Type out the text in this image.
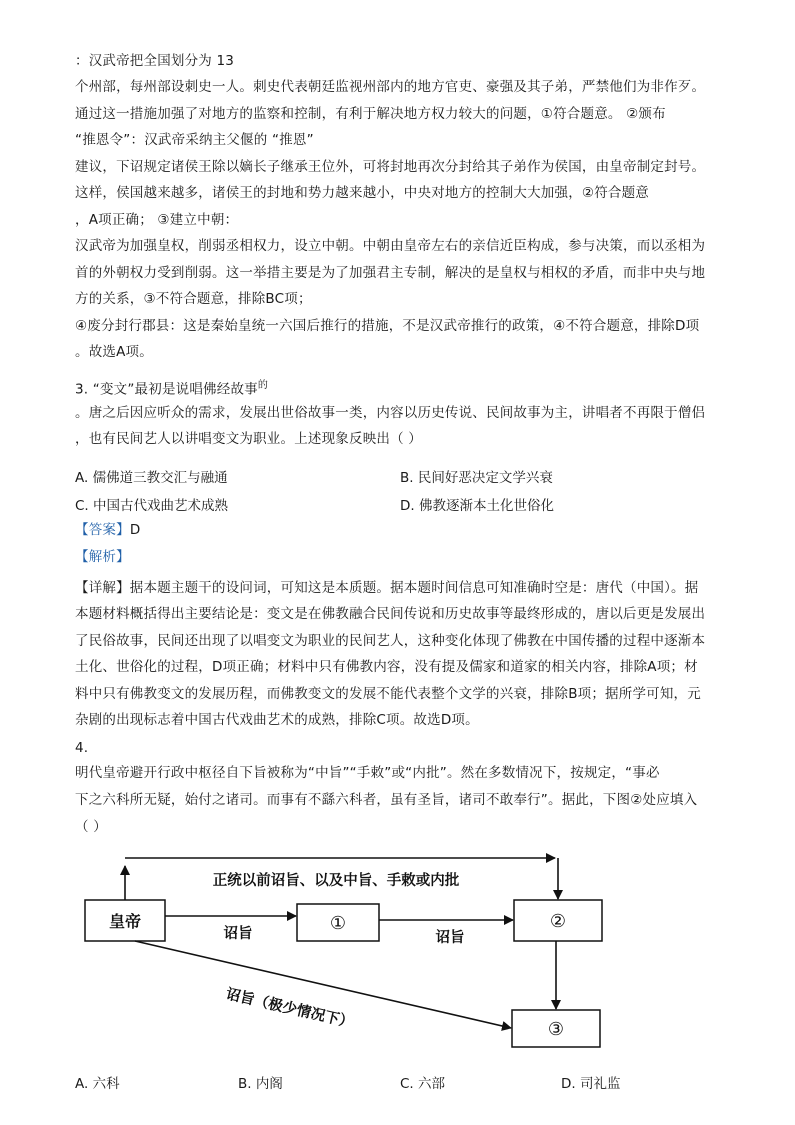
：汉武帝把全国划分为 13
个州部，每州部设刺史一人。刺史代表朝廷监视州部内的地方官吏、豪强及其子弟，严禁他们为非作歹。
通过这一措施加强了对地方的监察和控制，有利于解决地方权力较大的问题，①符合题意。 ②颁布
“推恩令”：汉武帝采纳主父偃的 “推恩”
建议，下诏规定诸侯王除以嫡长子继承王位外，可将封地再次分封给其子弟作为侯国，由皇帝制定封号。
这样，侯国越来越多，诸侯王的封地和势力越来越小，中央对地方的控制大大加强，②符合题意
，A项正确； ③建立中朝：
汉武帝为加强皇权，削弱丞相权力，设立中朝。中朝由皇帝左右的亲信近臣构成，参与决策，而以丞相为
首的外朝权力受到削弱。这一举措主要是为了加强君主专制，解决的是皇权与相权的矛盾，而非中央与地
方的关系，③不符合题意，排除BC项；
④废分封行郡县：这是秦始皇统一六国后推行的措施，不是汉武帝推行的政策，④不符合题意，排除D项
。故选A项。
3. “变文”最初是说唱佛经故事$^的$
。唐之后因应听众的需求，发展出世俗故事一类，内容以历史传说、民间故事为主，讲唱者不再限于僧侣
，也有民间艺人以讲唱变文为职业。上述现象反映出（ ）
A. 儒佛道三教交汇与融通	B. 民间好恶决定文学兴衰
C. 中国古代戏曲艺术成熟	D. 佛教逐渐本土化世俗化
【答案】D
【解析】
【详解】据本题主题干的设问词，可知这是本质题。据本题时间信息可知准确时空是：唐代（中国）。据
本题材料概括得出主要结论是：变文是在佛教融合民间传说和历史故事等最终形成的，唐以后更是发展出
了民俗故事，民间还出现了以唱变文为职业的民间艺人，这种变化体现了佛教在中国传播的过程中逐渐本
土化、世俗化的过程，D项正确；材料中只有佛教内容，没有提及儒家和道家的相关内容，排除A项；材
料中只有佛教变文的发展历程，而佛教变文的发展不能代表整个文学的兴衰，排除B项；据所学可知，元
杂剧的出现标志着中国古代戏曲艺术的成熟，排除C项。故选D项。
4.
明代皇帝避开行政中枢径自下旨被称为“中旨”“手敕”或“内批”。然在多数情况下，按规定，“事必
下之六科所无疑，始付之诸司。而事有不繇六科者，虽有圣旨，诸司不敢奉行”。据此，下图②处应填入
（ ）
皇帝	①	②
③
正统以前诏旨、以及中旨、手敕或内批
诏旨	诏旨
诏旨（极少情况下）
A. 六科	B. 内阁	C. 六部	D. 司礼监
